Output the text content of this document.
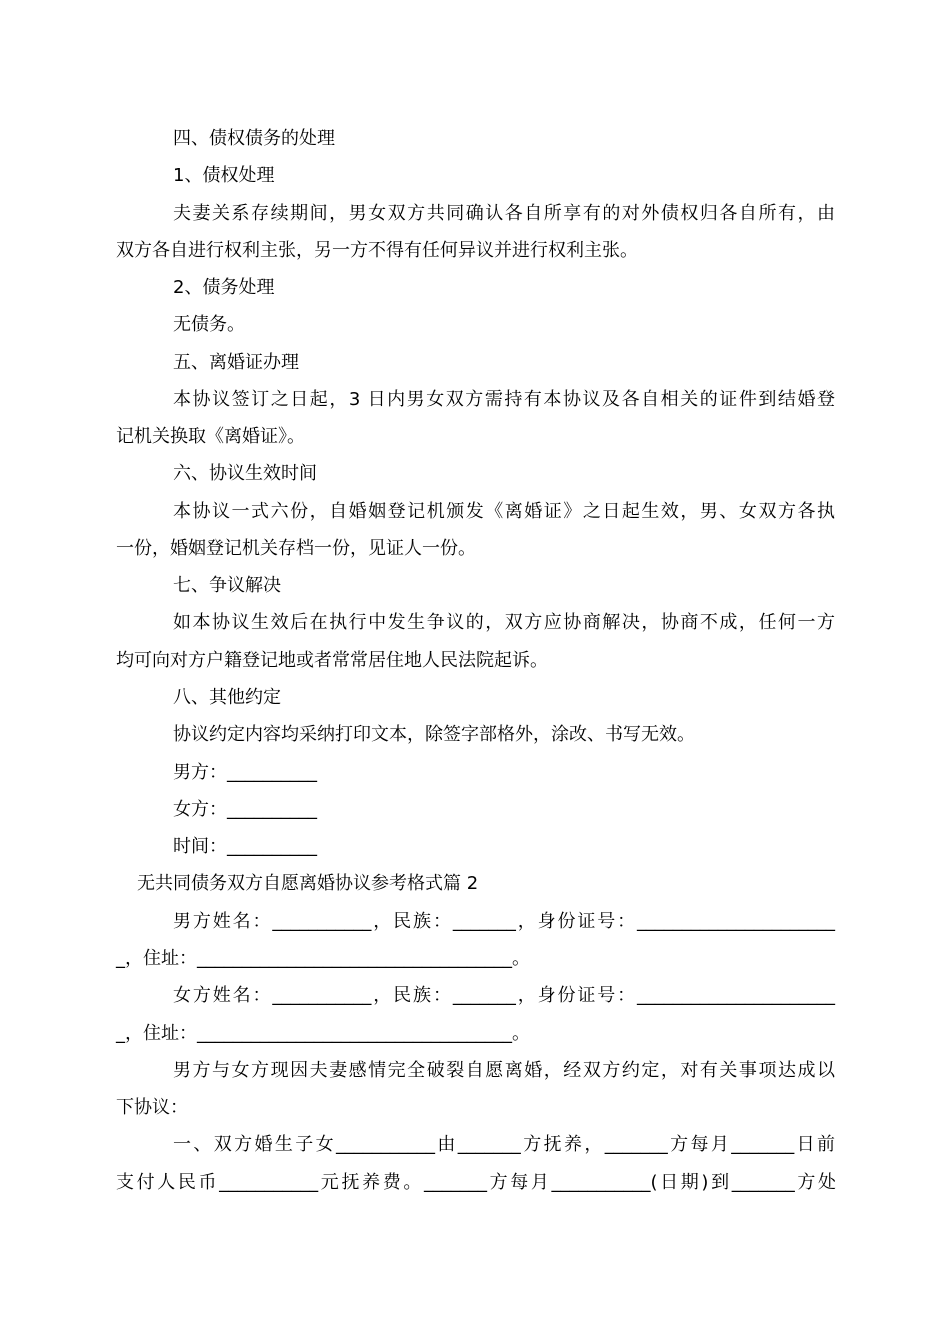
四、债权债务的处理
1、债权处理
夫妻关系存续期间，男女双方共同确认各自所享有的对外债权归各自所有，由
双方各自进行权利主张，另一方不得有任何异议并进行权利主张。
2、债务处理
无债务。
五、离婚证办理
本协议签订之日起，3 日内男女双方需持有本协议及各自相关的证件到结婚登
记机关换取《离婚证》。
六、协议生效时间
本协议一式六份，自婚姻登记机颁发《离婚证》之日起生效，男、女双方各执
一份，婚姻登记机关存档一份，见证人一份。
七、争议解决
如本协议生效后在执行中发生争议的，双方应协商解决，协商不成，任何一方
均可向对方户籍登记地或者常常居住地人民法院起诉。
八、其他约定
协议约定内容均采纳打印文本，除签字部格外，涂改、书写无效。
男方：__________
女方：__________
时间：__________
无共同债务双方自愿离婚协议参考格式篇 2
男方姓名：___________，民族：_______，身份证号：______________________
_，住址：___________________________________。
女方姓名：___________，民族：_______，身份证号：______________________
_，住址：___________________________________。
男方与女方现因夫妻感情完全破裂自愿离婚，经双方约定，对有关事项达成以
下协议：
一、双方婚生子女___________由_______方抚养，_______方每月_______日前
支付人民币___________元抚养费。_______方每月___________(日期)到_______方处
